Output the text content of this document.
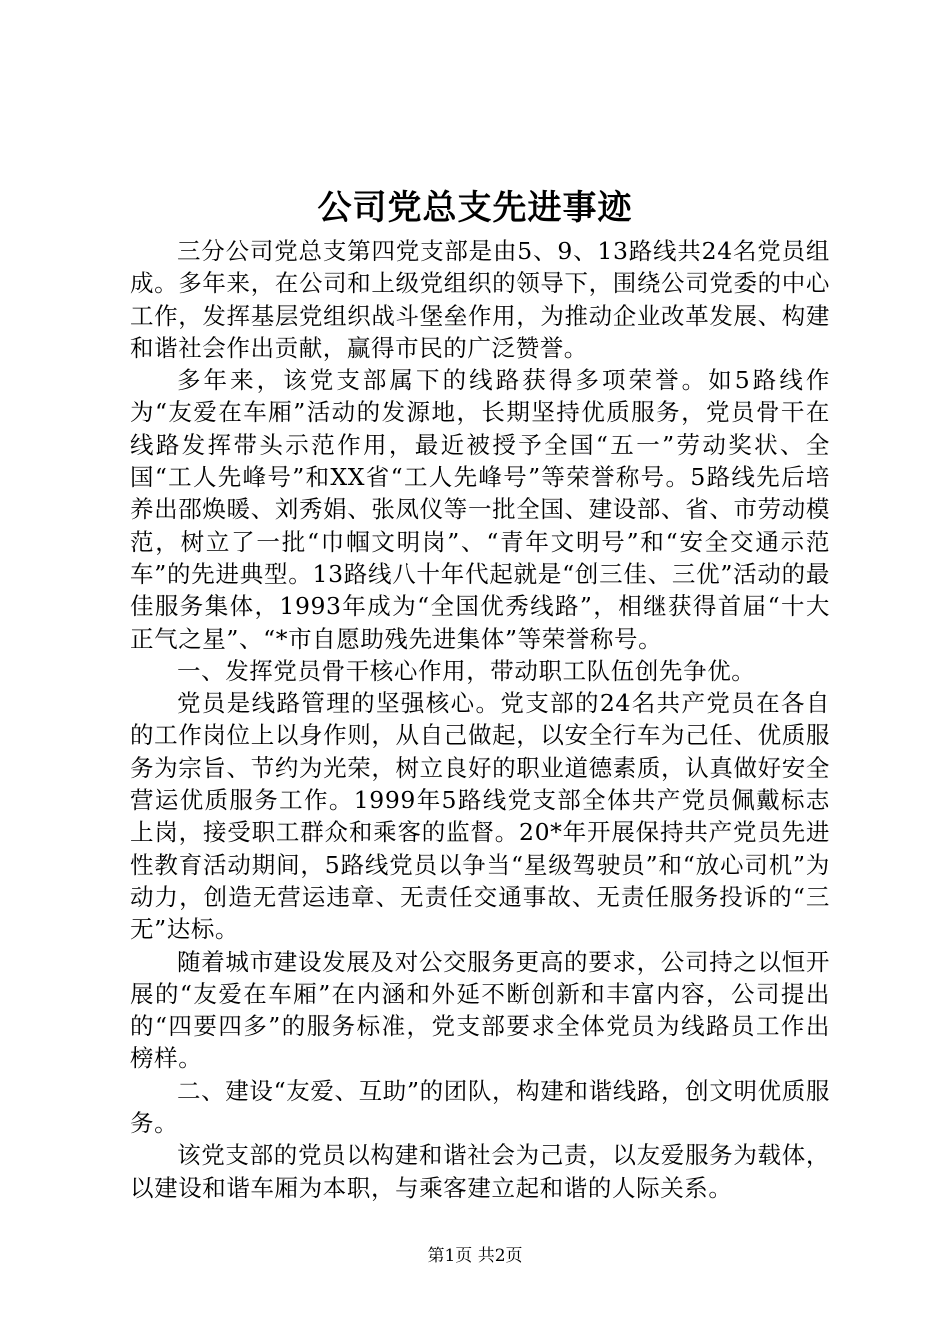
公司党总支先进事迹

三分公司党总支第四党支部是由5、9、13路线共24名党员组成。多年来，在公司和上级党组织的领导下，围绕公司党委的中心工作，发挥基层党组织战斗堡垒作用，为推动企业改革发展、构建和谐社会作出贡献，赢得市民的广泛赞誉。

多年来，该党支部属下的线路获得多项荣誉。如5路线作为“友爱在车厢”活动的发源地，长期坚持优质服务，党员骨干在线路发挥带头示范作用，最近被授予全国“五一”劳动奖状、全国“工人先峰号”和XX省“工人先峰号”等荣誉称号。5路线先后培养出邵焕暖、刘秀娟、张凤仪等一批全国、建设部、省、市劳动模范，树立了一批“巾帼文明岗”、“青年文明号”和“安全交通示范车”的先进典型。13路线八十年代起就是“创三佳、三优”活动的最佳服务集体，1993年成为“全国优秀线路”，相继获得首届“十大正气之星”、“*市自愿助残先进集体”等荣誉称号。

一、发挥党员骨干核心作用，带动职工队伍创先争优。

党员是线路管理的坚强核心。党支部的24名共产党员在各自的工作岗位上以身作则，从自己做起，以安全行车为己任、优质服务为宗旨、节约为光荣，树立良好的职业道德素质，认真做好安全营运优质服务工作。1999年5路线党支部全体共产党员佩戴标志上岗，接受职工群众和乘客的监督。20*年开展保持共产党员先进性教育活动期间，5路线党员以争当“星级驾驶员”和“放心司机”为动力，创造无营运违章、无责任交通事故、无责任服务投诉的“三无”达标。

随着城市建设发展及对公交服务更高的要求，公司持之以恒开展的“友爱在车厢”在内涵和外延不断创新和丰富内容，公司提出的“四要四多”的服务标准，党支部要求全体党员为线路员工作出榜样。

二、建设“友爱、互助”的团队，构建和谐线路，创文明优质服务。

该党支部的党员以构建和谐社会为己责，以友爱服务为载体，以建设和谐车厢为本职，与乘客建立起和谐的人际关系。

第1页 共2页
